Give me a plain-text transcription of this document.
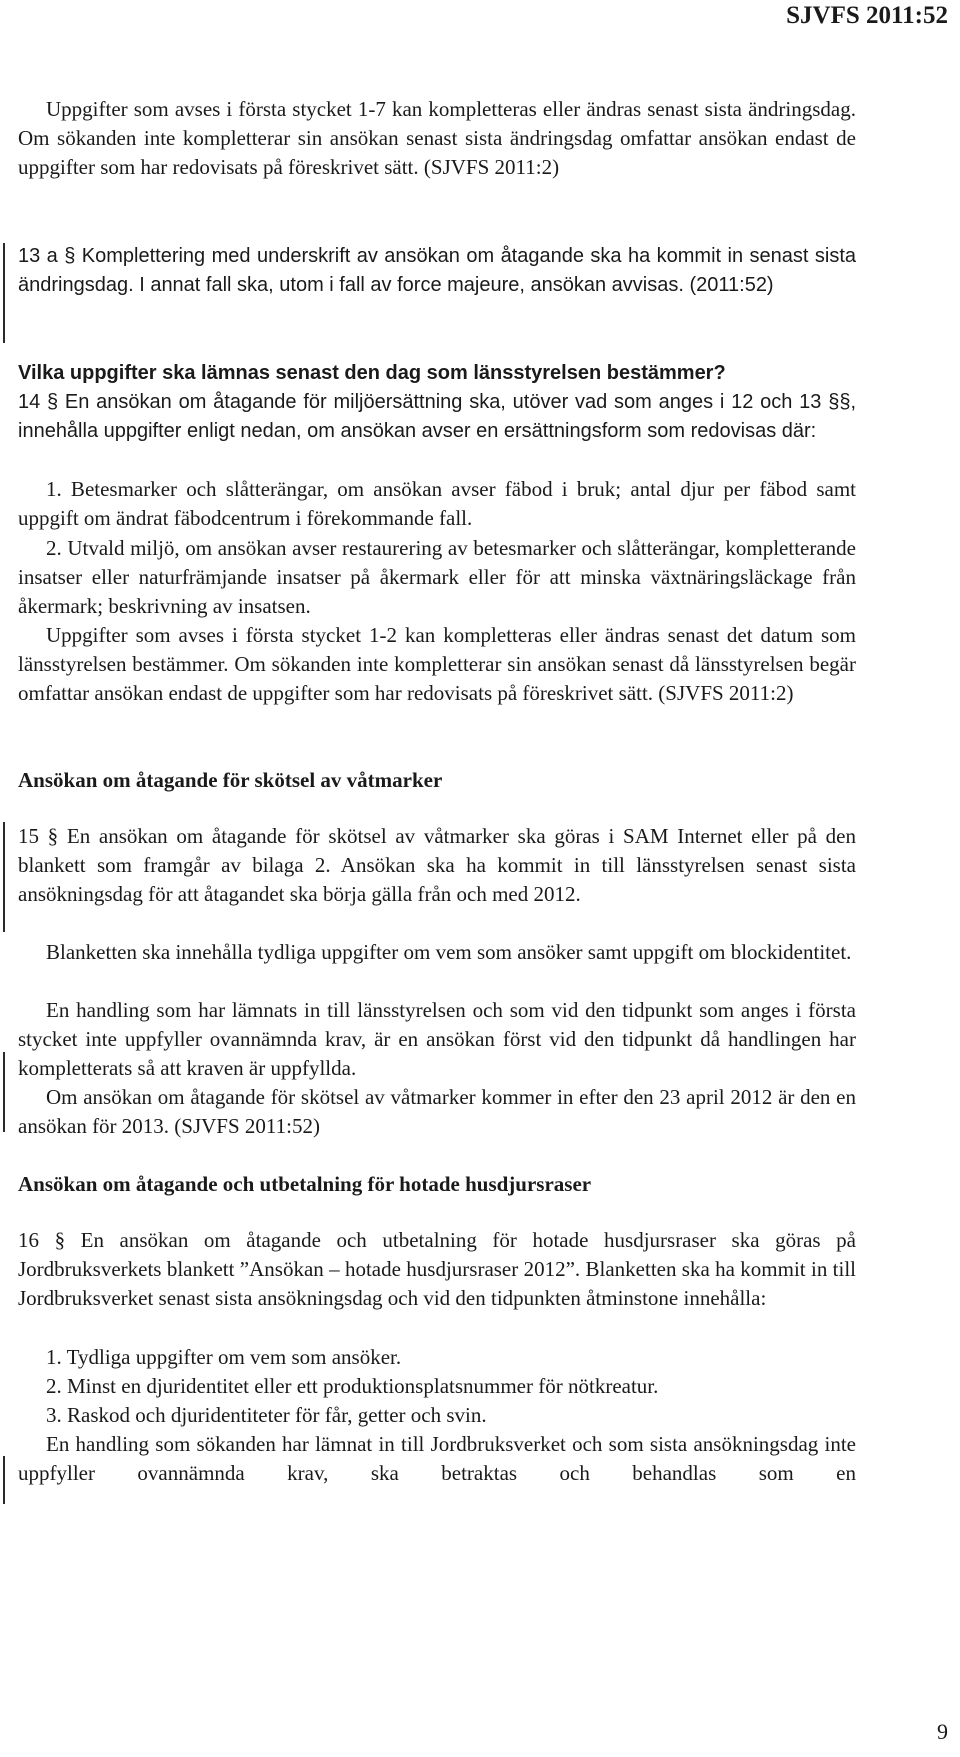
SJVFS 2011:52

Uppgifter som avses i första stycket 1-7 kan kompletteras eller ändras senast sista ändringsdag. Om sökanden inte kompletterar sin ansökan senast sista ändringsdag omfattar ansökan endast de uppgifter som har redovisats på föreskrivet sätt. (SJVFS 2011:2)

13 a § Komplettering med underskrift av ansökan om åtagande ska ha kommit in senast sista ändringsdag. I annat fall ska, utom i fall av force majeure, ansökan avvisas. (2011:52)

Vilka uppgifter ska lämnas senast den dag som länsstyrelsen bestämmer?

14 § En ansökan om åtagande för miljöersättning ska, utöver vad som anges i 12 och 13 §§, innehålla uppgifter enligt nedan, om ansökan avser en ersättningsform som redovisas där:

1. Betesmarker och slåtterängar, om ansökan avser fäbod i bruk; antal djur per fäbod samt uppgift om ändrat fäbodcentrum i förekommande fall.

2. Utvald miljö, om ansökan avser restaurering av betesmarker och slåtterängar, kompletterande insatser eller naturfrämjande insatser på åkermark eller för att minska växtnäringsläckage från åkermark; beskrivning av insatsen.

Uppgifter som avses i första stycket 1-2 kan kompletteras eller ändras senast det datum som länsstyrelsen bestämmer. Om sökanden inte kompletterar sin ansökan senast då länsstyrelsen begär omfattar ansökan endast de uppgifter som har redovisats på föreskrivet sätt. (SJVFS 2011:2)

Ansökan om åtagande för skötsel av våtmarker

15 § En ansökan om åtagande för skötsel av våtmarker ska göras i SAM Internet eller på den blankett som framgår av bilaga 2. Ansökan ska ha kommit in till länsstyrelsen senast sista ansökningsdag för att åtagandet ska börja gälla från och med 2012.

Blanketten ska innehålla tydliga uppgifter om vem som ansöker samt uppgift om blockidentitet.

En handling som har lämnats in till länsstyrelsen och som vid den tidpunkt som anges i första stycket inte uppfyller ovannämnda krav, är en ansökan först vid den tidpunkt då handlingen har kompletterats så att kraven är uppfyllda.

Om ansökan om åtagande för skötsel av våtmarker kommer in efter den 23 april 2012 är den en ansökan för 2013. (SJVFS 2011:52)

Ansökan om åtagande och utbetalning för hotade husdjursraser

16 § En ansökan om åtagande och utbetalning för hotade husdjursraser ska göras på Jordbruksverkets blankett ”Ansökan – hotade husdjursraser 2012”. Blanketten ska ha kommit in till Jordbruksverket senast sista ansökningsdag och vid den tidpunkten åtminstone innehålla:

1. Tydliga uppgifter om vem som ansöker.

2. Minst en djuridentitet eller ett produktionsplatsnummer för nötkreatur.

3. Raskod och djuridentiteter för får, getter och svin.

En handling som sökanden har lämnat in till Jordbruksverket och som sista ansökningsdag inte uppfyller ovannämnda krav, ska betraktas och behandlas som en

9
